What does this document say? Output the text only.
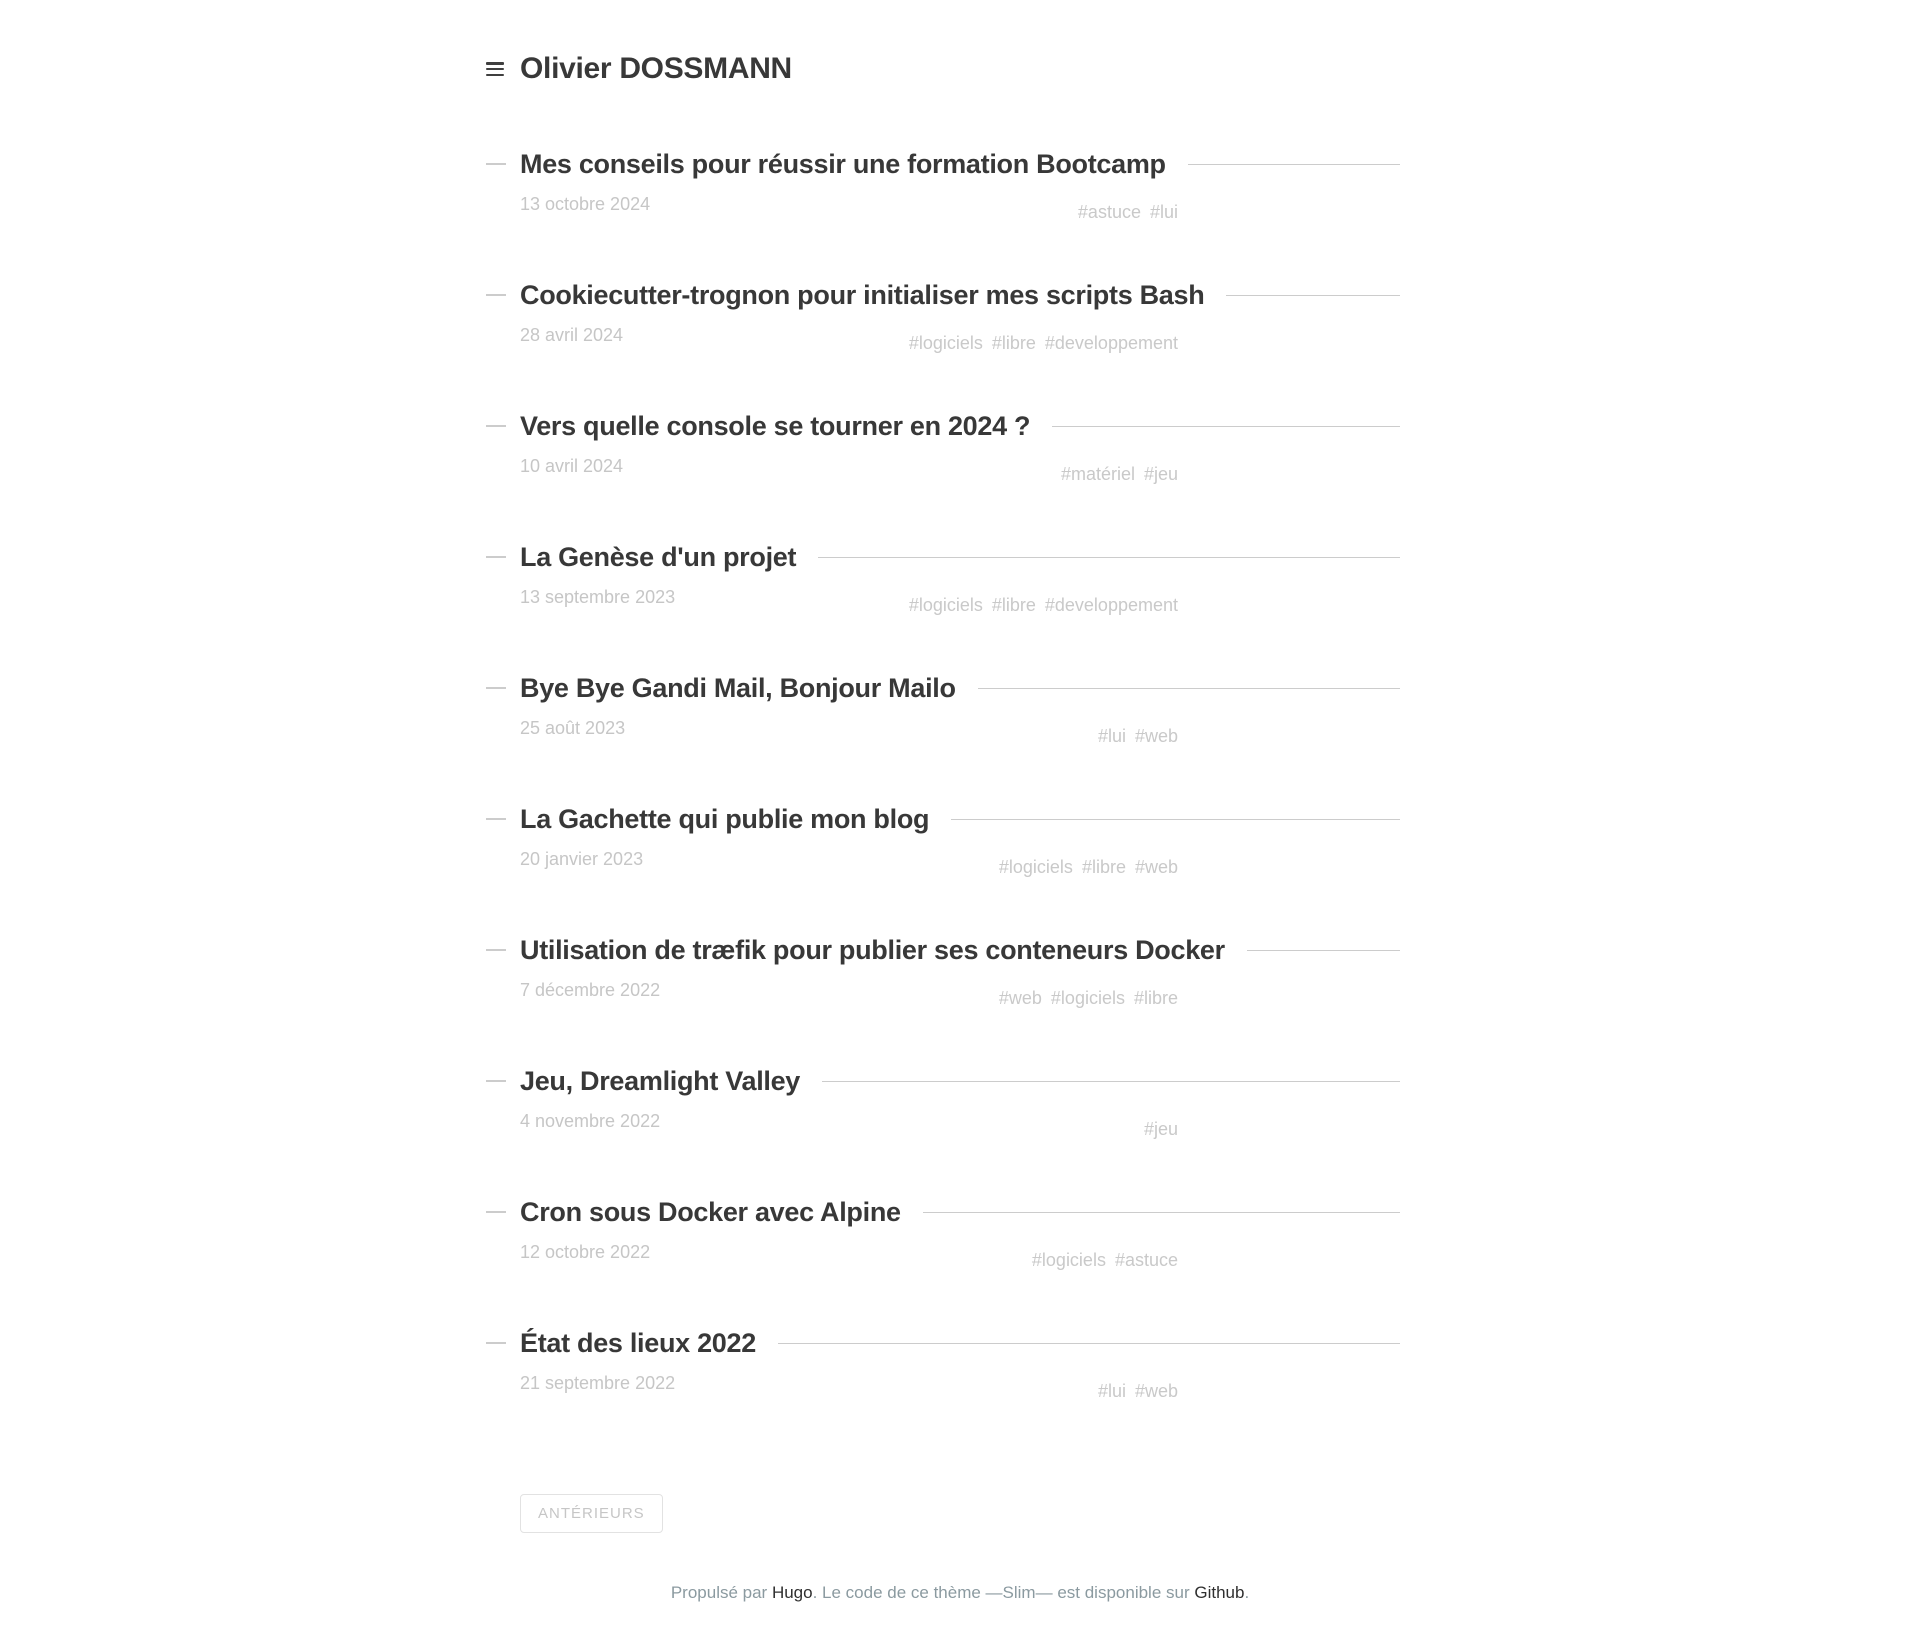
Olivier DOSSMANN
Mes conseils pour réussir une formation Bootcamp
13 octobre 2024	#astuce #lui
Cookiecutter-trognon pour initialiser mes scripts Bash
28 avril 2024	#logiciels #libre #developpement
Vers quelle console se tourner en 2024 ?
10 avril 2024	#matériel #jeu
La Genèse d'un projet
13 septembre 2023	#logiciels #libre #developpement
Bye Bye Gandi Mail, Bonjour Mailo
25 août 2023	#lui #web
La Gachette qui publie mon blog
20 janvier 2023	#logiciels #libre #web
Utilisation de træfik pour publier ses conteneurs Docker
7 décembre 2022	#web #logiciels #libre
Jeu, Dreamlight Valley
4 novembre 2022	#jeu
Cron sous Docker avec Alpine
12 octobre 2022	#logiciels #astuce
État des lieux 2022
21 septembre 2022	#lui #web
ANTÉRIEURS
Propulsé par Hugo. Le code de ce thème —Slim— est disponible sur Github.
